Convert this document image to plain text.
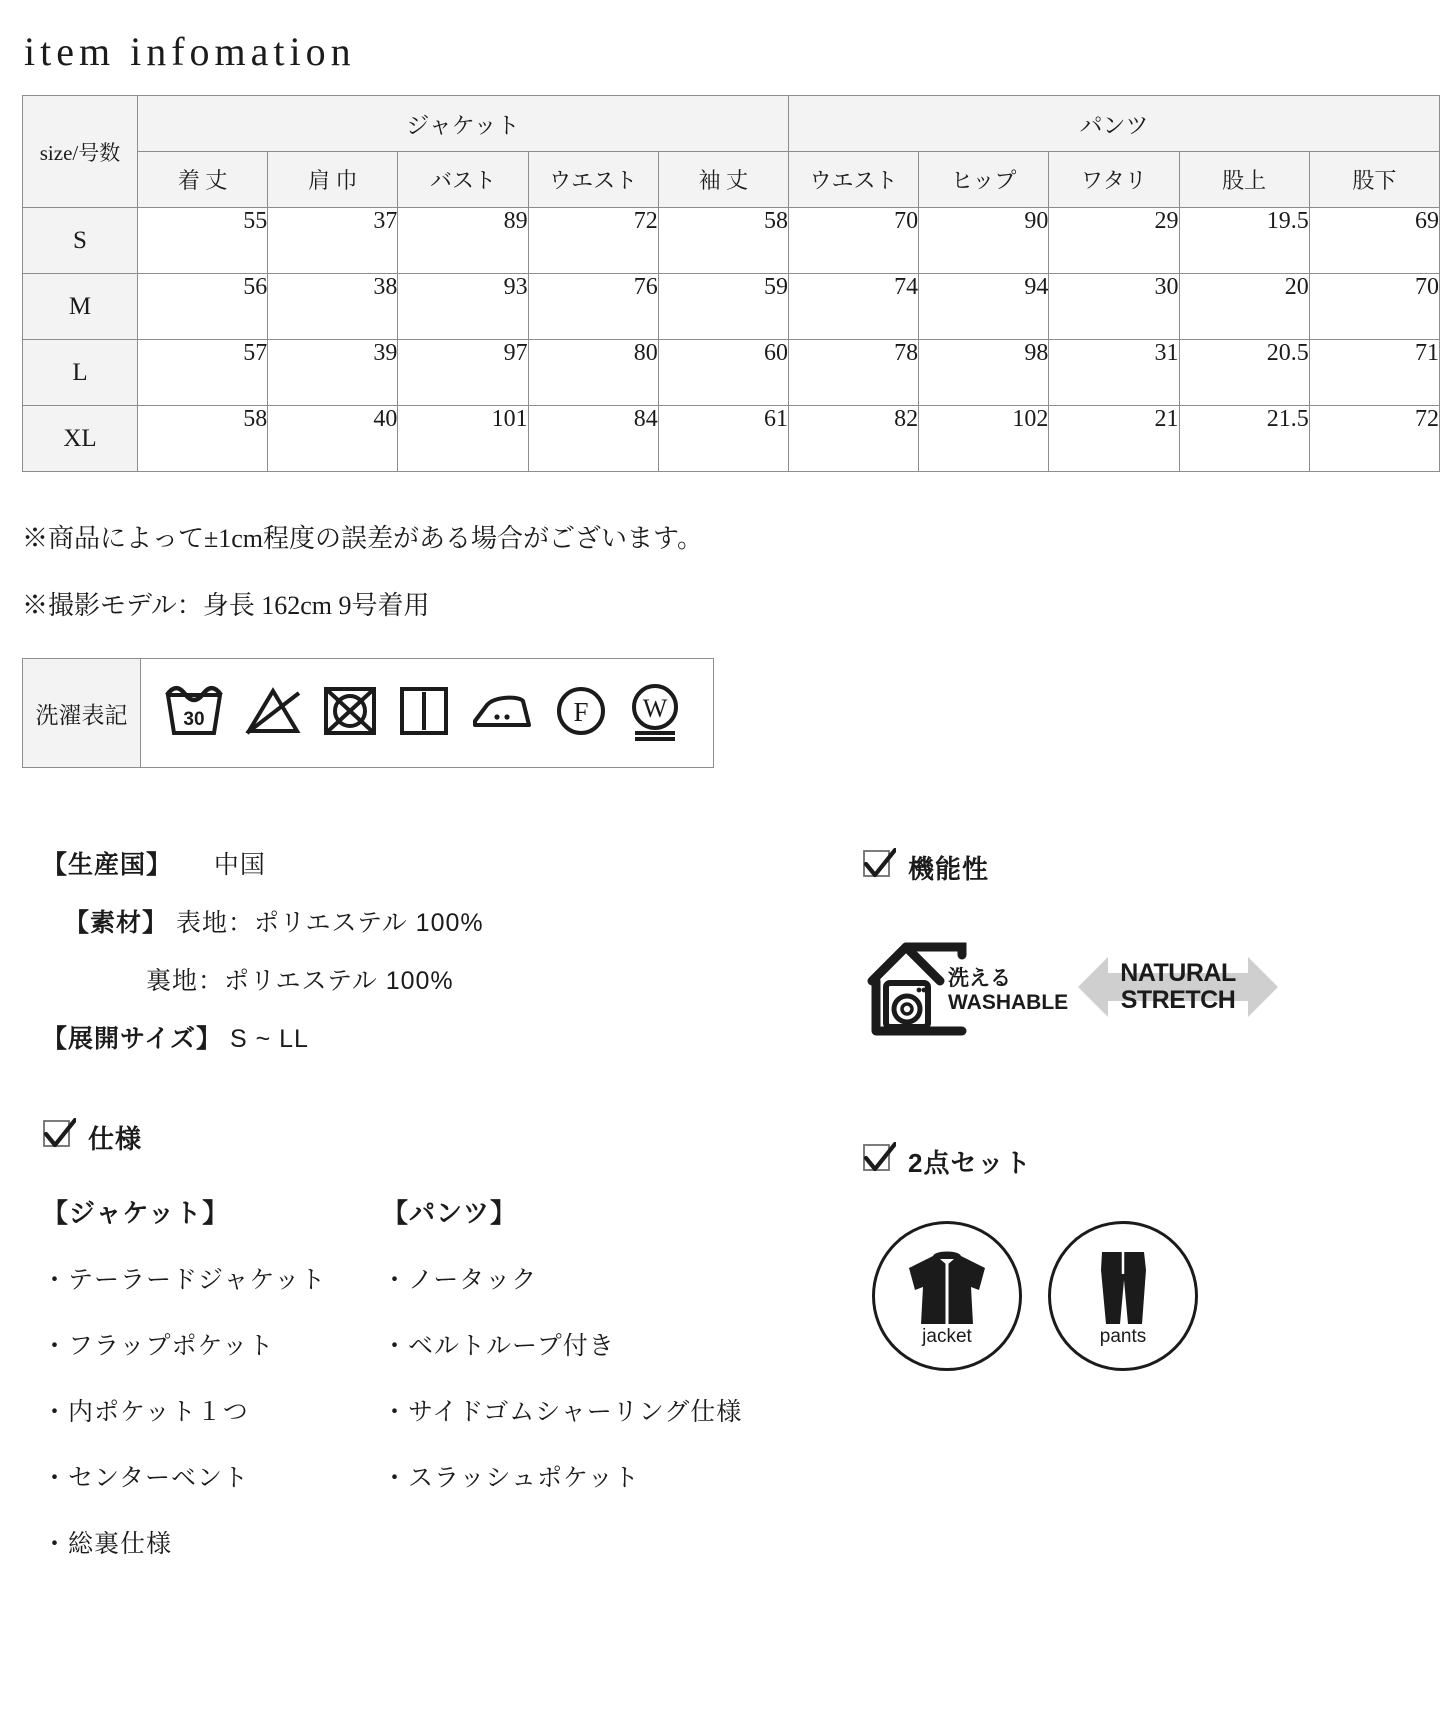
item infomation
size/号数	ジャケット					パンツ				
	着 丈	肩 巾	バスト	ウエスト	袖 丈	ウエスト	ヒップ	ワタリ	股上	股下
S	55	37	89	72	58	70	90	29	19.5	69
M	56	38	93	76	59	74	94	30	20	70
L	57	39	97	80	60	78	98	31	20.5	71
XL	58	40	101	84	61	82	102	21	21.5	72
※商品によって±1cm程度の誤差がある場合がございます。
※撮影モデル：身長 162cm 9号着用
洗濯表記	30	F W
【生産国】 中国
【素材】 表地：ポリエステル 100%
裏地：ポリエステル 100%
【展開サイズ】 S ~ LL
機能性
洗える
WASHABLE
NATURAL
STRETCH
仕様
【ジャケット】
・テーラードジャケット
・フラップポケット
・内ポケット１つ
・センターベント
・総裏仕様
【パンツ】
・ノータック
・ベルトループ付き
・サイドゴムシャーリング仕様
・スラッシュポケット
2点セット
jacket	pants
